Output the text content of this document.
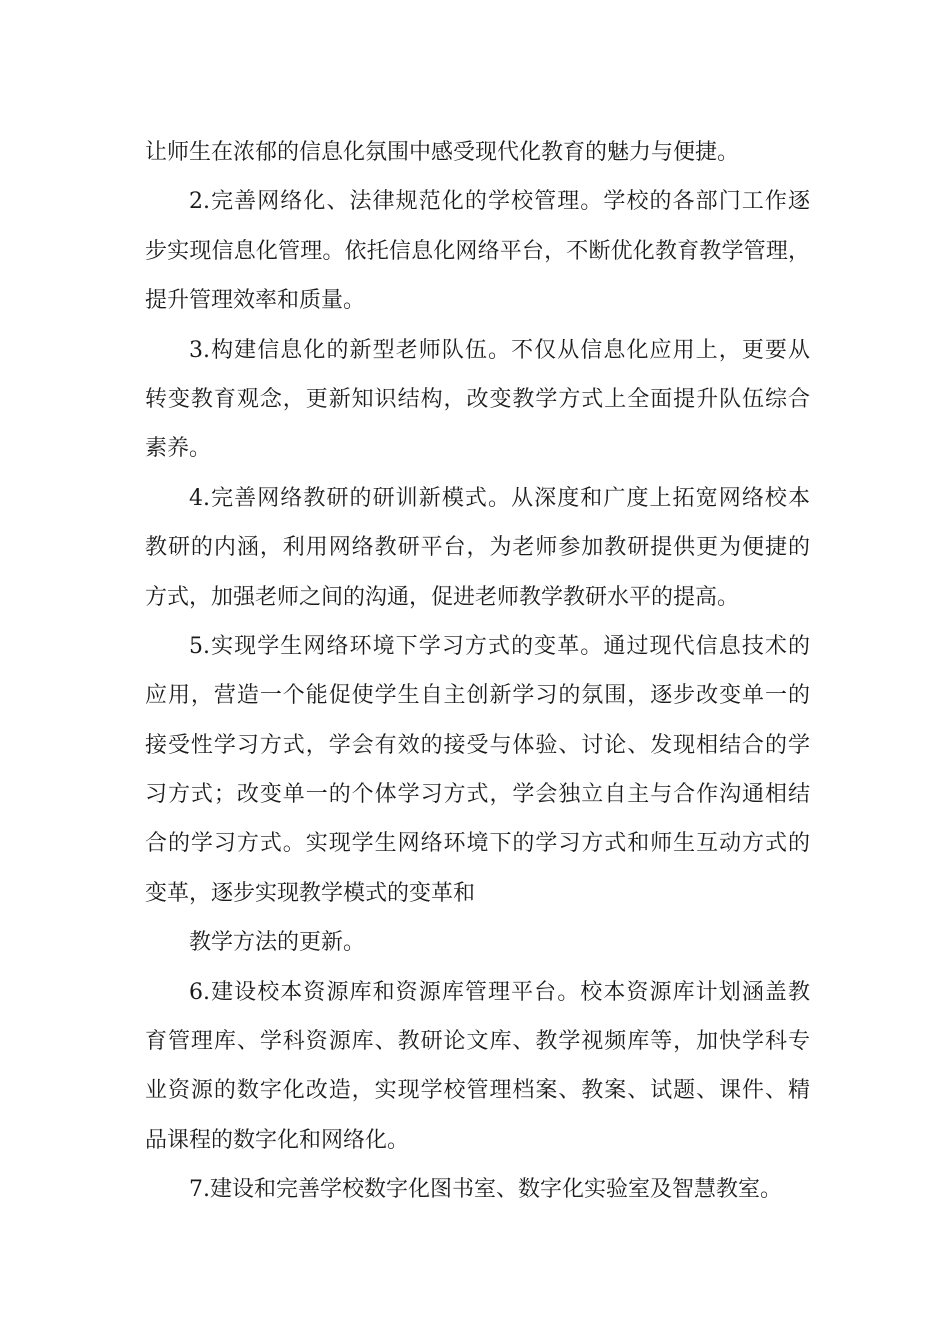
让师生在浓郁的信息化氛围中感受现代化教育的魅力与便捷。
2.完善网络化、法律规范化的学校管理。学校的各部门工作逐
步实现信息化管理。依托信息化网络平台，不断优化教育教学管理，
提升管理效率和质量。
3.构建信息化的新型老师队伍。不仅从信息化应用上，更要从
转变教育观念，更新知识结构，改变教学方式上全面提升队伍综合
素养。
4.完善网络教研的研训新模式。从深度和广度上拓宽网络校本
教研的内涵，利用网络教研平台，为老师参加教研提供更为便捷的
方式，加强老师之间的沟通，促进老师教学教研水平的提高。
5.实现学生网络环境下学习方式的变革。通过现代信息技术的
应用，营造一个能促使学生自主创新学习的氛围，逐步改变单一的
接受性学习方式，学会有效的接受与体验、讨论、发现相结合的学
习方式；改变单一的个体学习方式，学会独立自主与合作沟通相结
合的学习方式。实现学生网络环境下的学习方式和师生互动方式的
变革，逐步实现教学模式的变革和
教学方法的更新。
6.建设校本资源库和资源库管理平台。校本资源库计划涵盖教
育管理库、学科资源库、教研论文库、教学视频库等，加快学科专
业资源的数字化改造，实现学校管理档案、教案、试题、课件、精
品课程的数字化和网络化。
7.建设和完善学校数字化图书室、数字化实验室及智慧教室。
